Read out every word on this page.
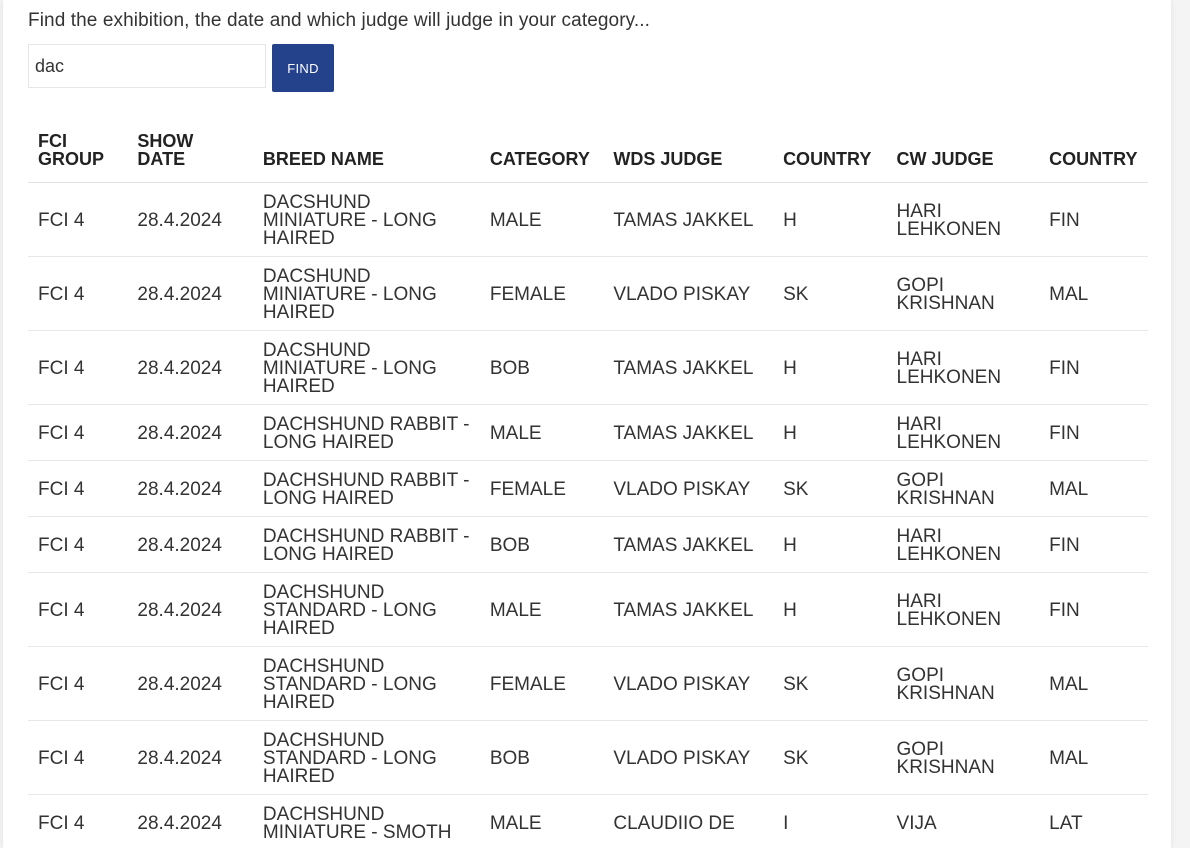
Find the exhibition, the date and which judge will judge in your category...
dac
FIND
FCI GROUP	SHOW DATE	BREED NAME	CATEGORY	WDS JUDGE	COUNTRY	CW JUDGE	COUNTRY
FCI 4	28.4.2024	DACSHUND MINIATURE - LONG HAIRED	MALE	TAMAS JAKKEL	H	HARI LEHKONEN	FIN
FCI 4	28.4.2024	DACSHUND MINIATURE - LONG HAIRED	FEMALE	VLADO PISKAY	SK	GOPI KRISHNAN	MAL
FCI 4	28.4.2024	DACSHUND MINIATURE - LONG HAIRED	BOB	TAMAS JAKKEL	H	HARI LEHKONEN	FIN
FCI 4	28.4.2024	DACHSHUND RABBIT - LONG HAIRED	MALE	TAMAS JAKKEL	H	HARI LEHKONEN	FIN
FCI 4	28.4.2024	DACHSHUND RABBIT - LONG HAIRED	FEMALE	VLADO PISKAY	SK	GOPI KRISHNAN	MAL
FCI 4	28.4.2024	DACHSHUND RABBIT - LONG HAIRED	BOB	TAMAS JAKKEL	H	HARI LEHKONEN	FIN
FCI 4	28.4.2024	DACHSHUND STANDARD - LONG HAIRED	MALE	TAMAS JAKKEL	H	HARI LEHKONEN	FIN
FCI 4	28.4.2024	DACHSHUND STANDARD - LONG HAIRED	FEMALE	VLADO PISKAY	SK	GOPI KRISHNAN	MAL
FCI 4	28.4.2024	DACHSHUND STANDARD - LONG HAIRED	BOB	VLADO PISKAY	SK	GOPI KRISHNAN	MAL
FCI 4	28.4.2024	DACHSHUND MINIATURE - SMOTH	MALE	CLAUDIIO DE	I	VIJA	LAT
